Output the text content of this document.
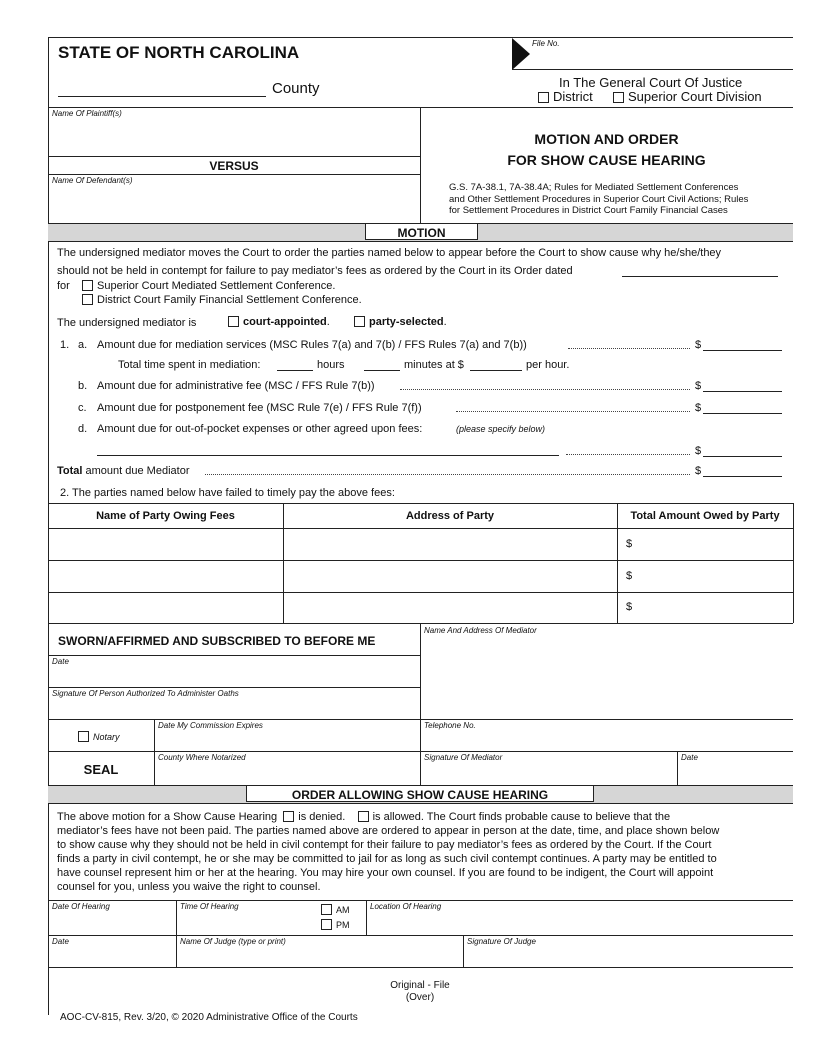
STATE OF NORTH CAROLINA
County
File No.
In The General Court Of Justice
District	Superior Court Division
Name Of Plaintiff(s)
VERSUS
Name Of Defendant(s)
MOTION AND ORDER
FOR SHOW CAUSE HEARING
G.S. 7A-38.1, 7A-38.4A; Rules for Mediated Settlement Conferences
and Other Settlement Procedures in Superior Court Civil Actions; Rules
for Settlement Procedures in District Court Family Financial Cases
MOTION
The undersigned mediator moves the Court to order the parties named below to appear before the Court to show cause why he/she/they
should not be held in contempt for failure to pay mediator’s fees as ordered by the Court in its Order dated
for	Superior Court Mediated Settlement Conference.
District Court Family Financial Settlement Conference.
The undersigned mediator is	court-appointed.	party-selected.
1. a. Amount due for mediation services (MSC Rules 7(a) and 7(b) / FFS Rules 7(a) and 7(b))	$
Total time spent in mediation:	hours	minutes at $	per hour.
b. Amount due for administrative fee (MSC / FFS Rule 7(b))	$
c. Amount due for postponement fee (MSC Rule 7(e) / FFS Rule 7(f))	$
d. Amount due for out-of-pocket expenses or other agreed upon fees:	(please specify below)
$
Total amount due Mediator	$
2. The parties named below have failed to timely pay the above fees:
Name of Party Owing Fees	Address of Party	Total Amount Owed by Party
$
$
$
SWORN/AFFIRMED AND SUBSCRIBED TO BEFORE ME
Date
Signature Of Person Authorized To Administer Oaths
Name And Address Of Mediator
Telephone No.
Notary
Date My Commission Expires
SEAL
County Where Notarized	Signature Of Mediator	Date
ORDER ALLOWING SHOW CAUSE HEARING
The above motion for a Show Cause Hearing is denied. is allowed. The Court finds probable cause to believe that the
mediator’s fees have not been paid. The parties named above are ordered to appear in person at the date, time, and place shown below
to show cause why they should not be held in civil contempt for their failure to pay mediator’s fees as ordered by the Court. If the Court
finds a party in civil contempt, he or she may be committed to jail for as long as such civil contempt continues. A party may be entitled to
have counsel represent him or her at the hearing. You may hire your own counsel. If you are found to be indigent, the Court will appoint
counsel for you, unless you waive the right to counsel.
Date Of Hearing	Time Of Hearing	AM
PM
Location Of Hearing
Date	Name Of Judge (type or print)	Signature Of Judge
Original - File
(Over)
AOC-CV-815, Rev. 3/20, © 2020 Administrative Office of the Courts
